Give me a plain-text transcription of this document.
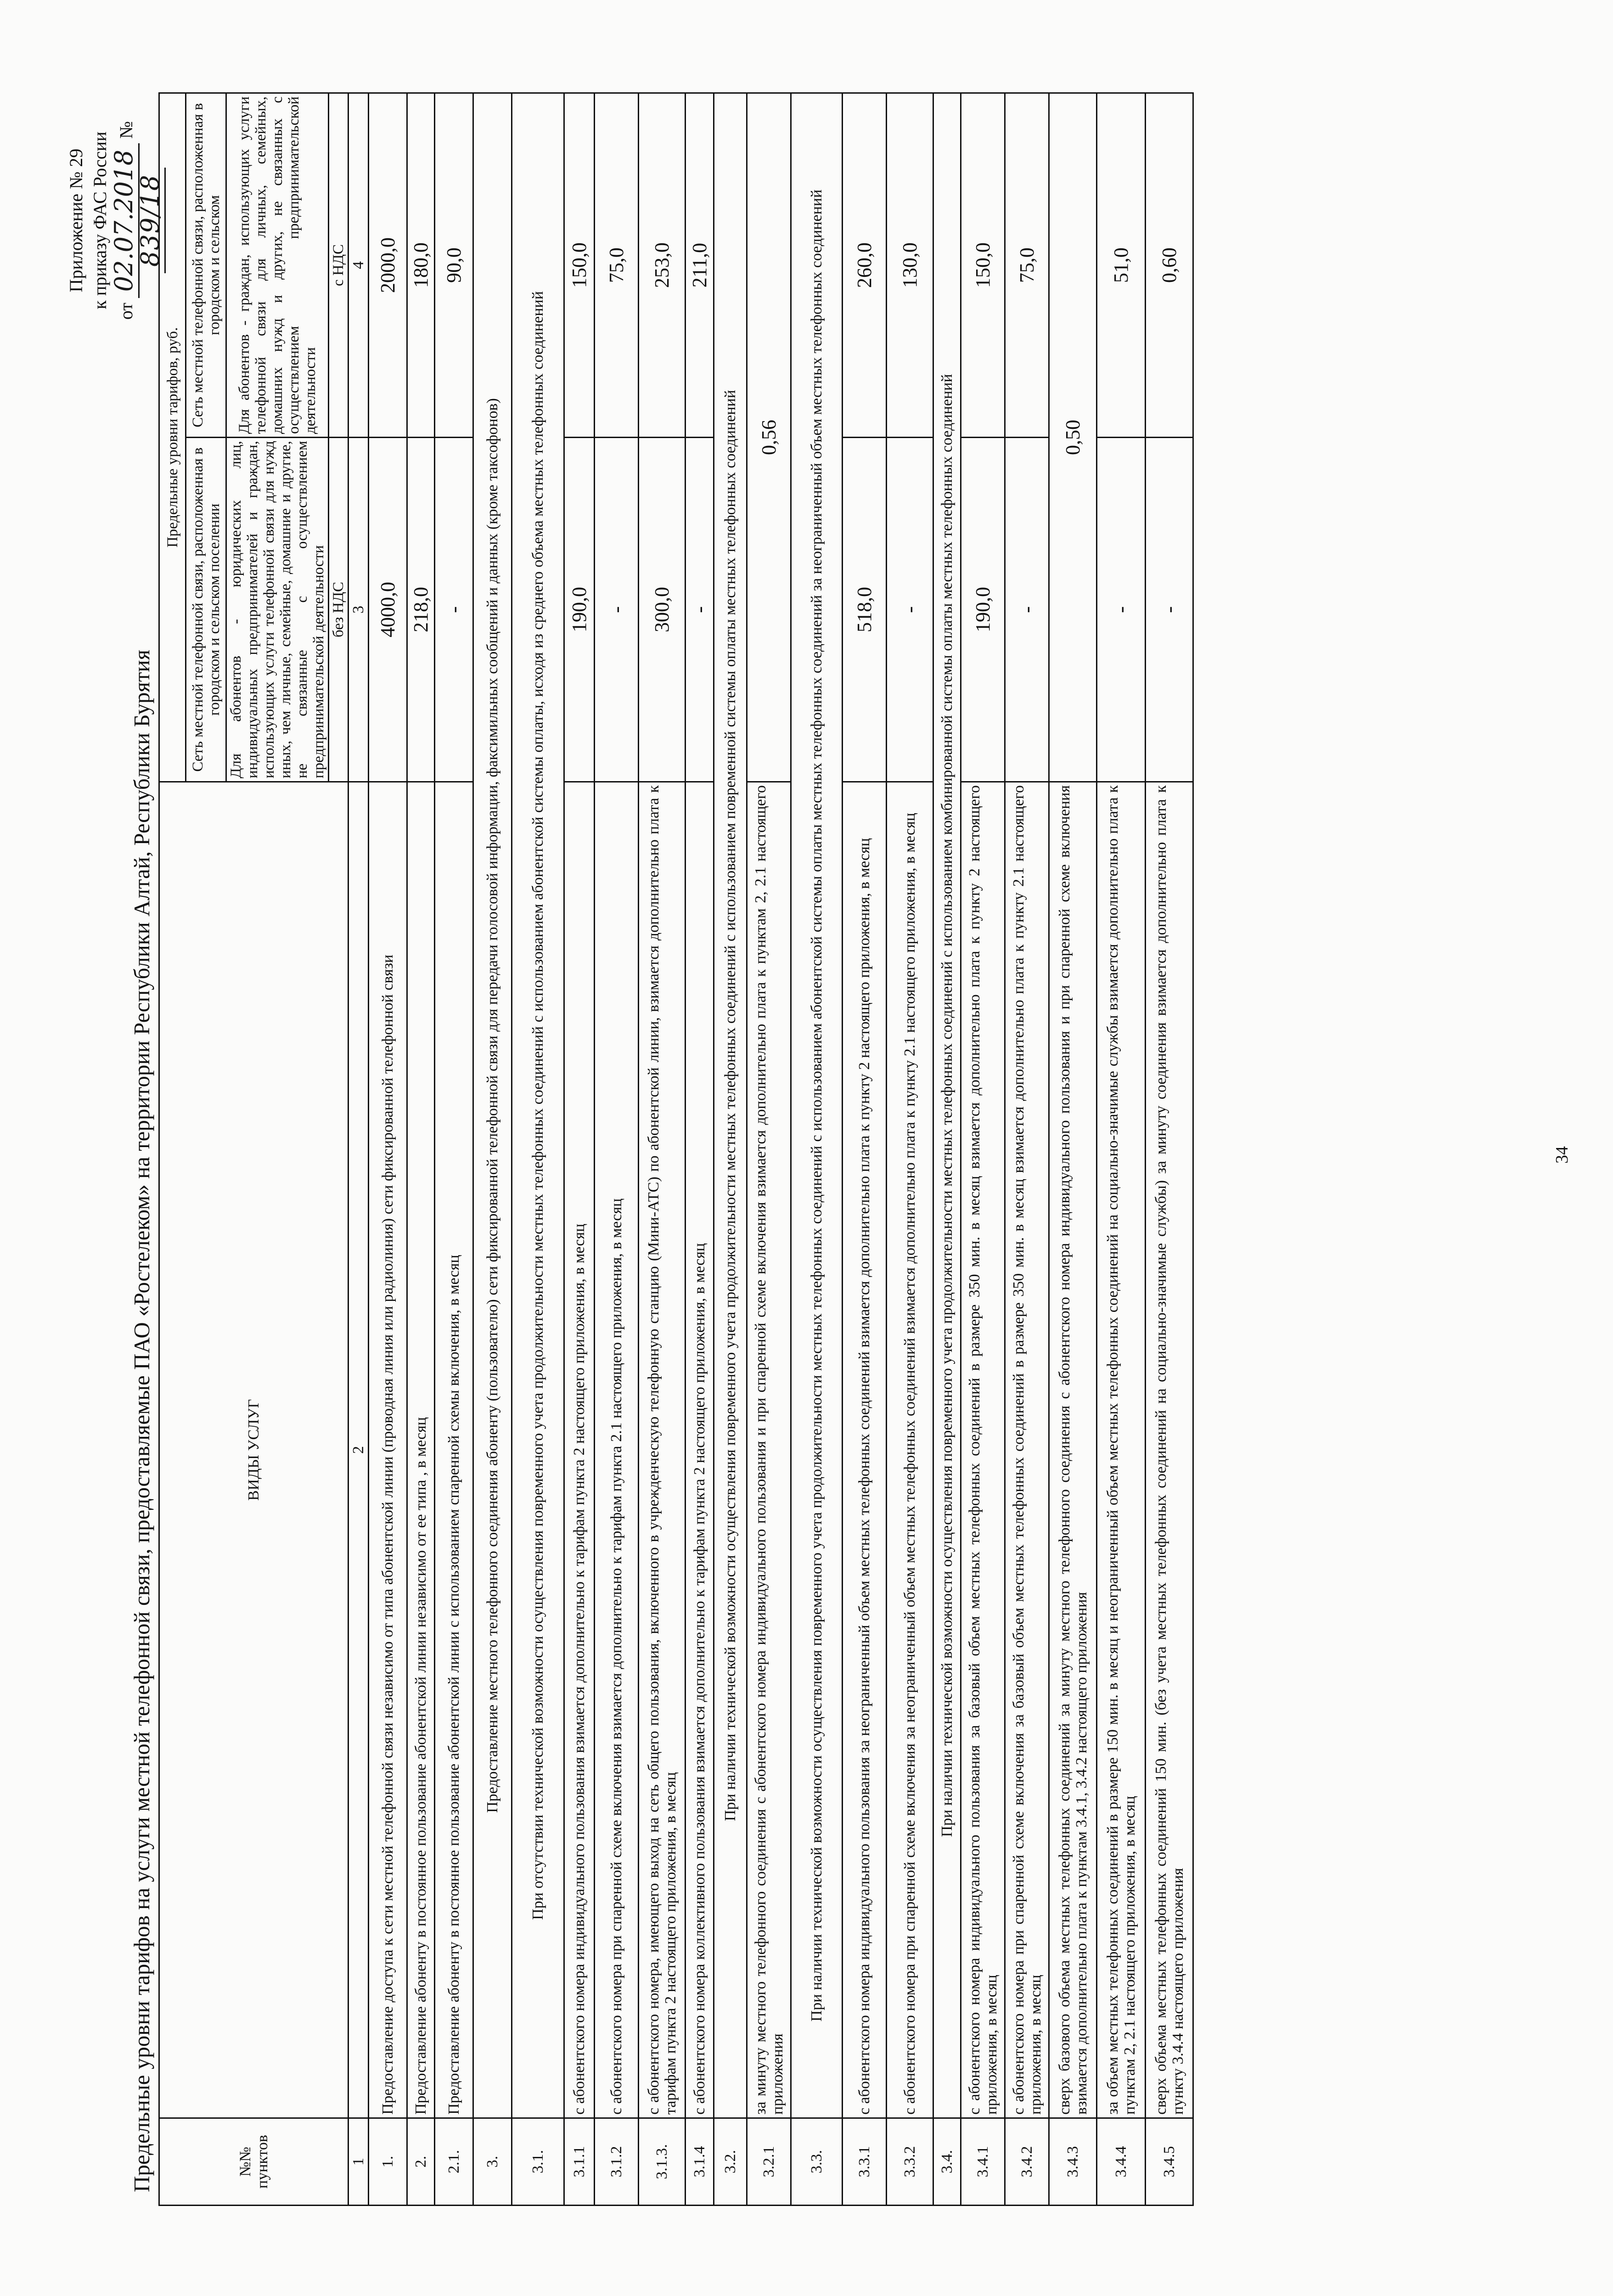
Приложение № 29 к приказу ФАС России
от 02.07.2018 № 839/18
Предельные уровни тарифов на услуги местной телефонной связи, предоставляемые ПАО «Ростелеком» на территории Республики Алтай, Республики Бурятия	№№ пунктов	ВИДЫ УСЛУГ	Предельные уровни тарифов, руб.	
		Сеть местной телефонной связи, расположенная в городском и сельском поселении	Сеть местной телефонной связи, расположенная в городском и сельском
		Для абонентов - юридических лиц, индивидуальных предпринимателей и граждан, использующих услуги телефонной связи для нужд иных, чем личные, семейные, домашние и другие, не связанные с осуществлением предпринимательской деятельности	Для абонентов - граждан, использующих услуги телефонной связи для личных, семейных, домашних нужд и других, не связанных с осуществлением предпринимательской деятельности
		без НДС	с НДС
1	2	3	4
1.	Предоставление доступа к сети местной телефонной связи независимо от типа абонентской линии (проводная линия или радиолиния) сети фиксированной телефонной связи	4000,0	2000,0
2.	Предоставление абоненту в постоянное пользование абонентской линии независимо от ее типа , в месяц	218,0	180,0
2.1.	Предоставление абоненту в постоянное пользование абонентской линии с использованием спаренной схемы включения, в месяц	-	90,0
3.	Предоставление местного телефонного соединения абоненту (пользователю) сети фиксированной телефонной связи для передачи голосовой информации, факсимильных сообщений и данных (кроме таксофонов)		
3.1.	При отсутствии технической возможности осуществления повременного учета продолжительности местных телефонных соединений с использованием абонентской системы оплаты, исходя из среднего объема местных телефонных соединений		
3.1.1	с абонентского номера индивидуального пользования взимается дополнительно к тарифам пункта 2 настоящего приложения, в месяц	190,0	150,0
3.1.2	с абонентского номера при спаренной схеме включения взимается дополнительно к тарифам пункта 2.1 настоящего приложения, в месяц	-	75,0
3.1.3.	с абонентского номера, имеющего выход на сеть общего пользования, включенного в учрежденческую телефонную станцию (Мини-АТС) по абонентской линии, взимается дополнительно плата к тарифам пункта 2 настоящего приложения, в месяц	300,0	253,0
3.1.4	с абонентского номера коллективного пользования взимается дополнительно к тарифам пункта 2 настоящего приложения, в месяц	-	211,0
3.2.	При наличии технической возможности осуществления повременного учета продолжительности местных телефонных соединений с использованием повременной системы оплаты местных телефонных соединений		
3.2.1	за минуту местного телефонного соединения с абонентского номера индивидуального пользования и при спаренной схеме включения взимается дополнительно плата к пунктам 2, 2.1 настоящего приложения	0,56	
3.3.	При наличии технической возможности осуществления повременного учета продолжительности местных телефонных соединений с использованием абонентской системы оплаты местных телефонных соединений за неограниченный объем местных телефонных соединений		
3.3.1	с абонентского номера индивидуального пользования за неограниченный объем местных телефонных соединений взимается дополнительно плата к пункту 2 настоящего приложения, в месяц	518,0	260,0
3.3.2	с абонентского номера при спаренной схеме включения за неограниченный объем местных телефонных соединений взимается дополнительно плата к пункту 2.1 настоящего приложения, в месяц	-	130,0
3.4.	При наличии технической возможности осуществления повременного учета продолжительности местных телефонных соединений с использованием комбинированной системы оплаты местных телефонных соединений		
3.4.1	с абонентского номера индивидуального пользования за базовый объем местных телефонных соединений в размере 350 мин. в месяц взимается дополнительно плата к пункту 2 настоящего приложения, в месяц	190,0	150,0
3.4.2	с абонентского номера при спаренной схеме включения за базовый объем местных телефонных соединений в размере 350 мин. в месяц взимается дополнительно плата к пункту 2.1 настоящего приложения, в месяц	-	75,0
3.4.3	сверх базового объема местных телефонных соединений за минуту местного телефонного соединения с абонентского номера индивидуального пользования и при спаренной схеме включения взимается дополнительно плата к пунктам 3.4.1, 3.4.2 настоящего приложения	0,50	
3.4.4	за объем местных телефонных соединений в размере 150 мин. в месяц и неограниченный объем местных телефонных соединений на социально-значимые службы взимается дополнительно плата к пунктам 2, 2.1 настоящего приложения, в месяц	-	51,0
3.4.5	сверх объема местных телефонных соединений 150 мин. (без учета местных телефонных соединений на социально-значимые службы) за минуту соединения взимается дополнительно плата к пункту 3.4.4 настоящего приложения	-	0,60
34
